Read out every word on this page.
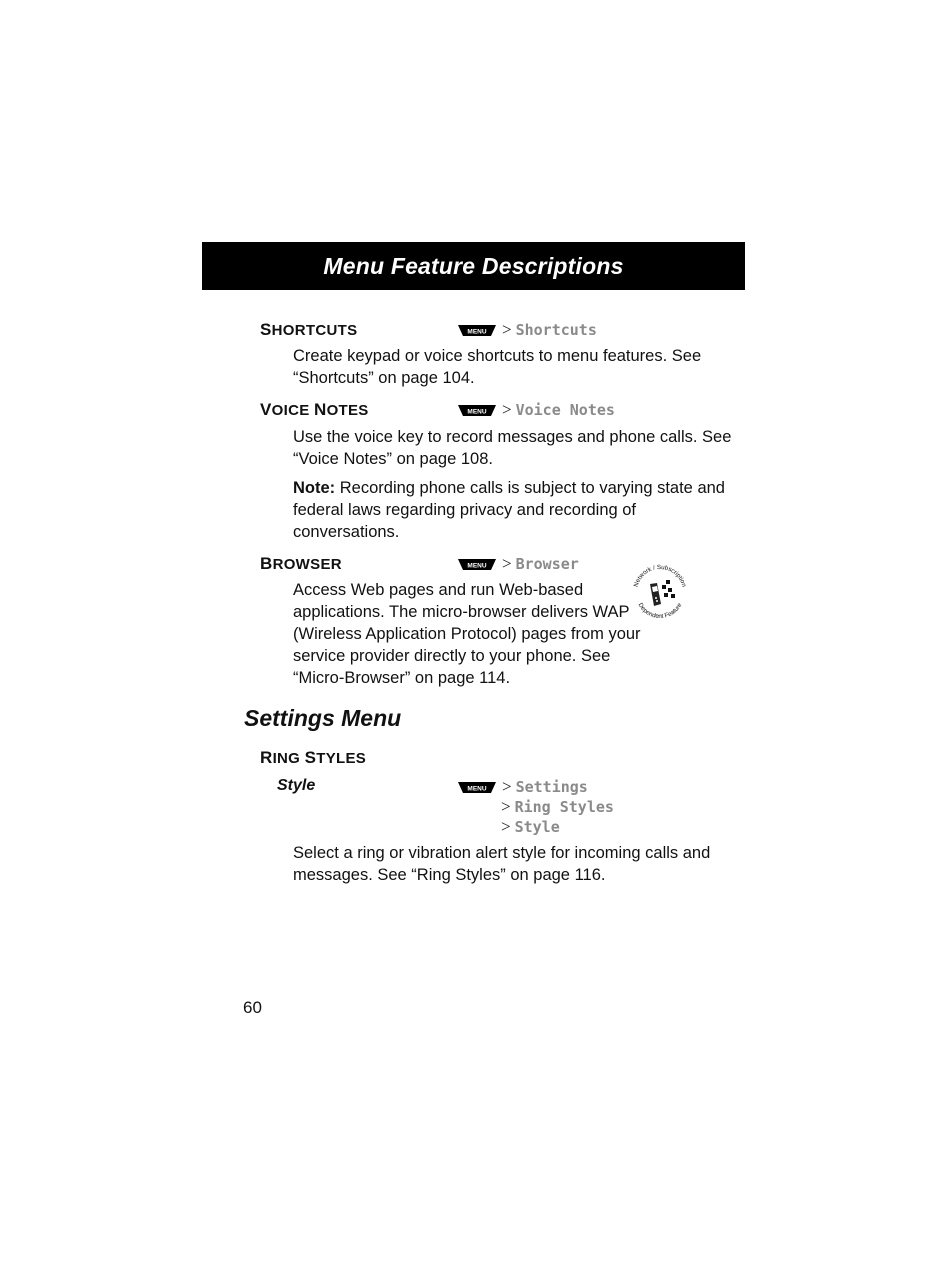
Menu Feature Descriptions
SHORTCUTS	MENU > Shortcuts
Create keypad or voice shortcuts to menu features. See
“Shortcuts” on page 104.
VOICE NOTES	MENU > Voice Notes
Use the voice key to record messages and phone calls. See
“Voice Notes” on page 108.
Note: Recording phone calls is subject to varying state and
federal laws regarding privacy and recording of
conversations.
BROWSER	MENU > Browser
Access Web pages and run Web-based
applications. The micro-browser delivers WAP
(Wireless Application Protocol) pages from your
service provider directly to your phone. See
“Micro-Browser” on page 114.
Network / Subscription
Dependent Feature
Settings Menu
RING STYLES
Style	MENU > Settings
> Ring Styles
> Style
Select a ring or vibration alert style for incoming calls and
messages. See “Ring Styles” on page 116.
60
